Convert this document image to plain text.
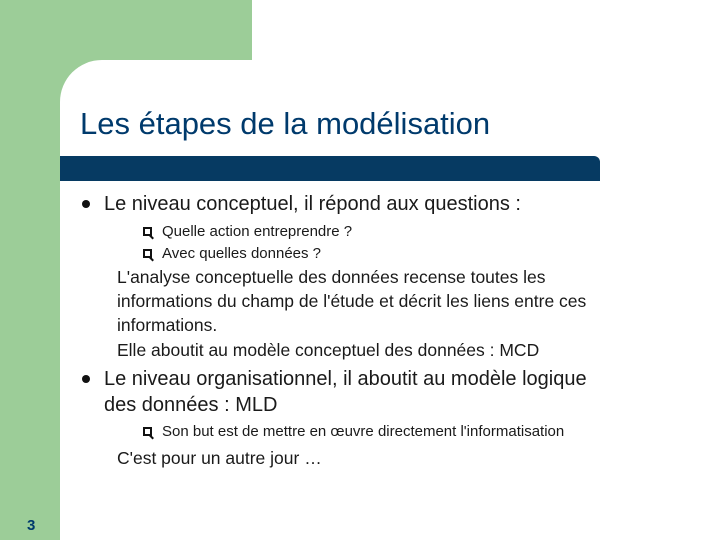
Les étapes de la modélisation
Le niveau conceptuel, il répond aux questions :
Quelle action entreprendre ?
Avec quelles données ?
L'analyse conceptuelle des données recense toutes les
informations du champ de l'étude et décrit les liens entre ces
informations.
Elle aboutit au modèle conceptuel des données : MCD
Le niveau organisationnel, il aboutit au modèle logique
des données : MLD
Son but est de mettre en œuvre directement l'informatisation
C'est pour un autre jour …
3
